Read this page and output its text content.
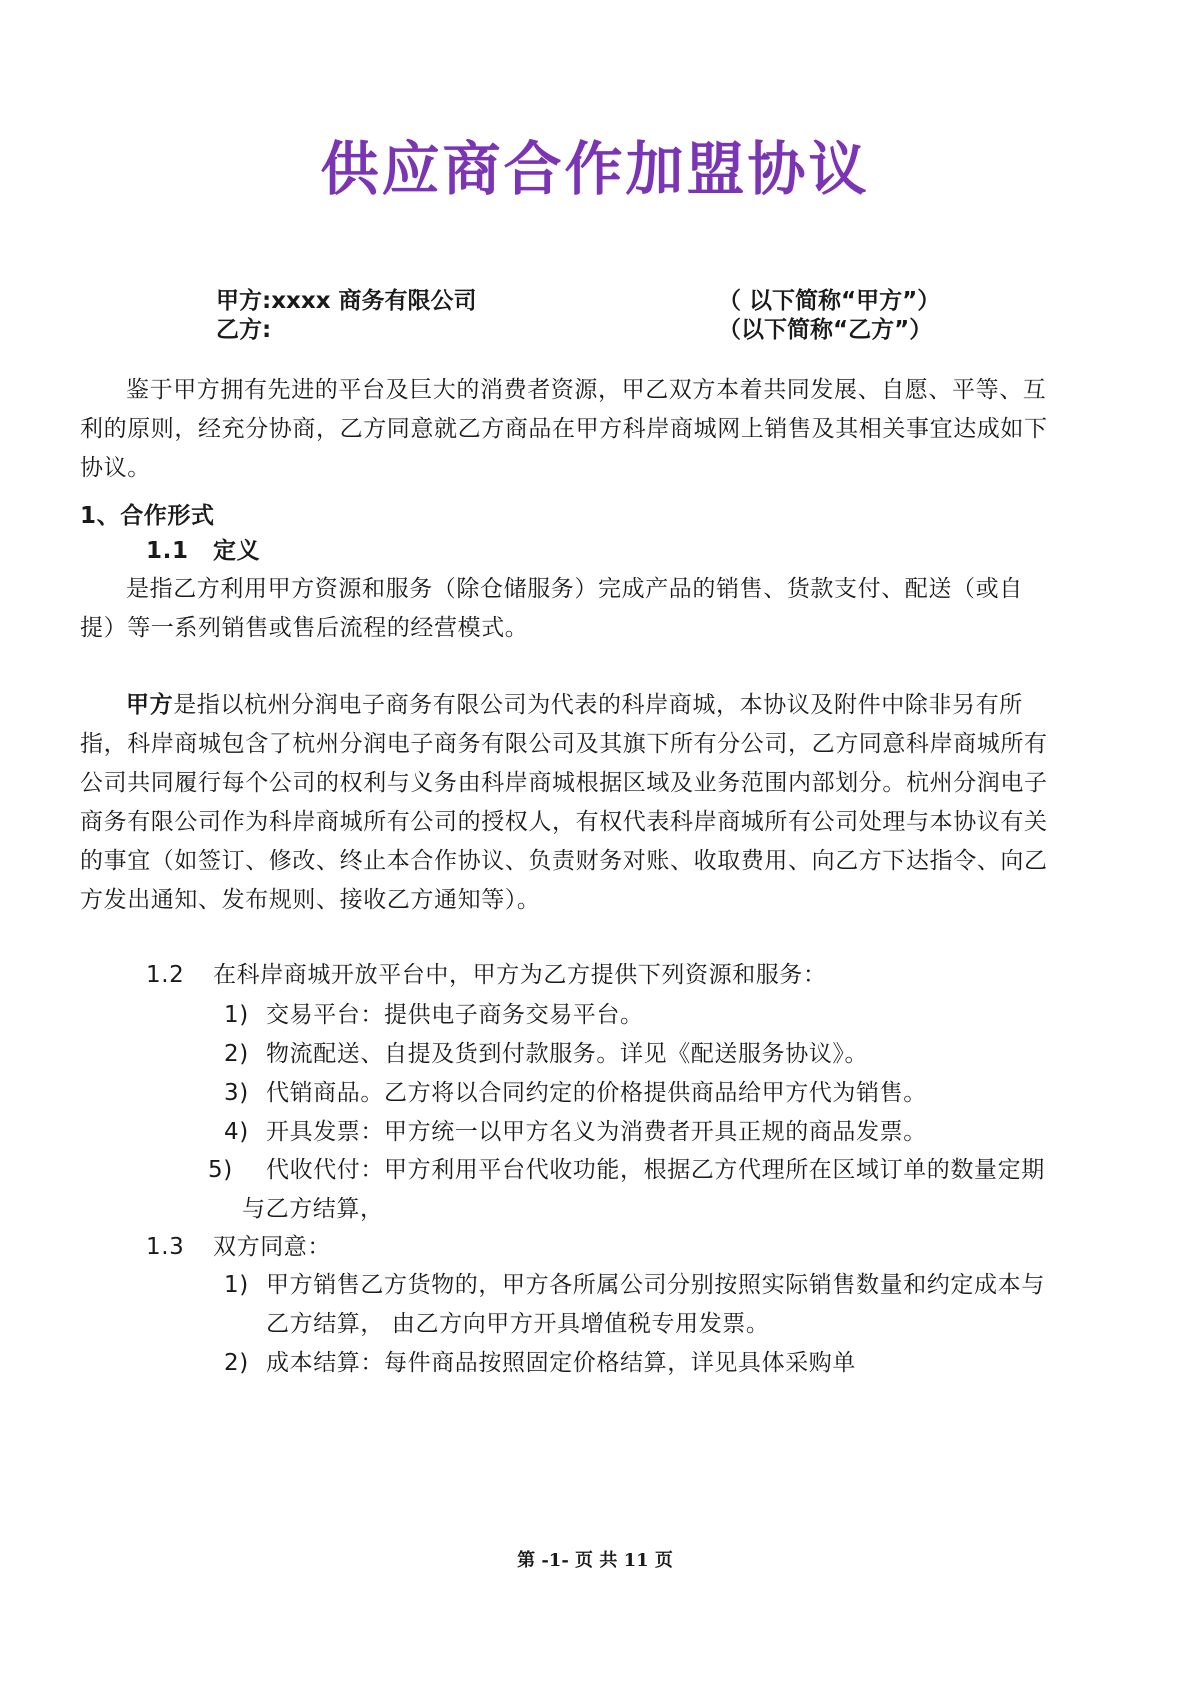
供应商合作加盟协议
甲方:xxxx 商务有限公司	（ 以下简称“甲方”）
乙方:	（以下简称“乙方”）
鉴于甲方拥有先进的平台及巨大的消费者资源，甲乙双方本着共同发展、自愿、平等、互
利的原则，经充分协商，乙方同意就乙方商品在甲方科岸商城网上销售及其相关事宜达成如下
协议。
1、合作形式
1.1 定义
是指乙方利用甲方资源和服务（除仓储服务）完成产品的销售、货款支付、配送（或自
提）等一系列销售或售后流程的经营模式。
甲方是指以杭州分润电子商务有限公司为代表的科岸商城，本协议及附件中除非另有所
指，科岸商城包含了杭州分润电子商务有限公司及其旗下所有分公司，乙方同意科岸商城所有
公司共同履行每个公司的权利与义务由科岸商城根据区域及业务范围内部划分。杭州分润电子
商务有限公司作为科岸商城所有公司的授权人，有权代表科岸商城所有公司处理与本协议有关
的事宜（如签订、修改、终止本合作协议、负责财务对账、收取费用、向乙方下达指令、向乙
方发出通知、发布规则、接收乙方通知等）。
1.2 在科岸商城开放平台中，甲方为乙方提供下列资源和服务：
1) 交易平台：提供电子商务交易平台。
2) 物流配送、自提及货到付款服务。详见《配送服务协议》。
3) 代销商品。乙方将以合同约定的价格提供商品给甲方代为销售。
4) 开具发票：甲方统一以甲方名义为消费者开具正规的商品发票。
5) 代收代付：甲方利用平台代收功能，根据乙方代理所在区域订单的数量定期
与乙方结算，
1.3 双方同意：
1) 甲方销售乙方货物的，甲方各所属公司分别按照实际销售数量和约定成本与
乙方结算， 由乙方向甲方开具增值税专用发票。
2) 成本结算：每件商品按照固定价格结算，详见具体采购单
第 -1- 页 共 11 页
